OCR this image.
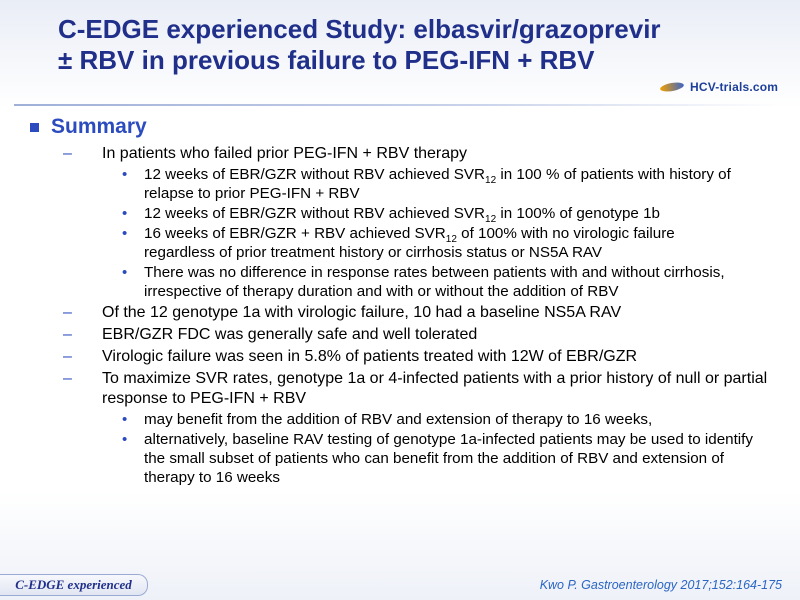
C-EDGE experienced Study: elbasvir/grazoprevir
± RBV in previous failure to PEG-IFN + RBV
HCV-trials.com
Summary
– In patients who failed prior PEG-IFN + RBV therapy
• 12 weeks of EBR/GZR without RBV achieved $SVR_{12}$ in 100 % of patients with history of relapse to prior PEG-IFN + RBV
• 12 weeks of EBR/GZR without RBV achieved $SVR_{12}$ in 100% of genotype 1b
• 16 weeks of EBR/GZR + RBV achieved $SVR_{12}$ of 100% with no virologic failure regardless of prior treatment history or cirrhosis status or NS5A RAV
• There was no difference in response rates between patients with and without cirrhosis, irrespective of therapy duration and with or without the addition of RBV
– Of the 12 genotype 1a with virologic failure, 10 had a baseline NS5A RAV
– EBR/GZR FDC was generally safe and well tolerated
– Virologic failure was seen in 5.8% of patients treated with 12W of EBR/GZR
– To maximize SVR rates, genotype 1a or 4-infected patients with a prior history of null or partial response to PEG-IFN + RBV
• may benefit from the addition of RBV and extension of therapy to 16 weeks,
• alternatively, baseline RAV testing of genotype 1a-infected patients may be used to identify the small subset of patients who can benefit from the addition of RBV and extension of therapy to 16 weeks
C-EDGE experienced	Kwo P. Gastroenterology 2017;152:164-175
